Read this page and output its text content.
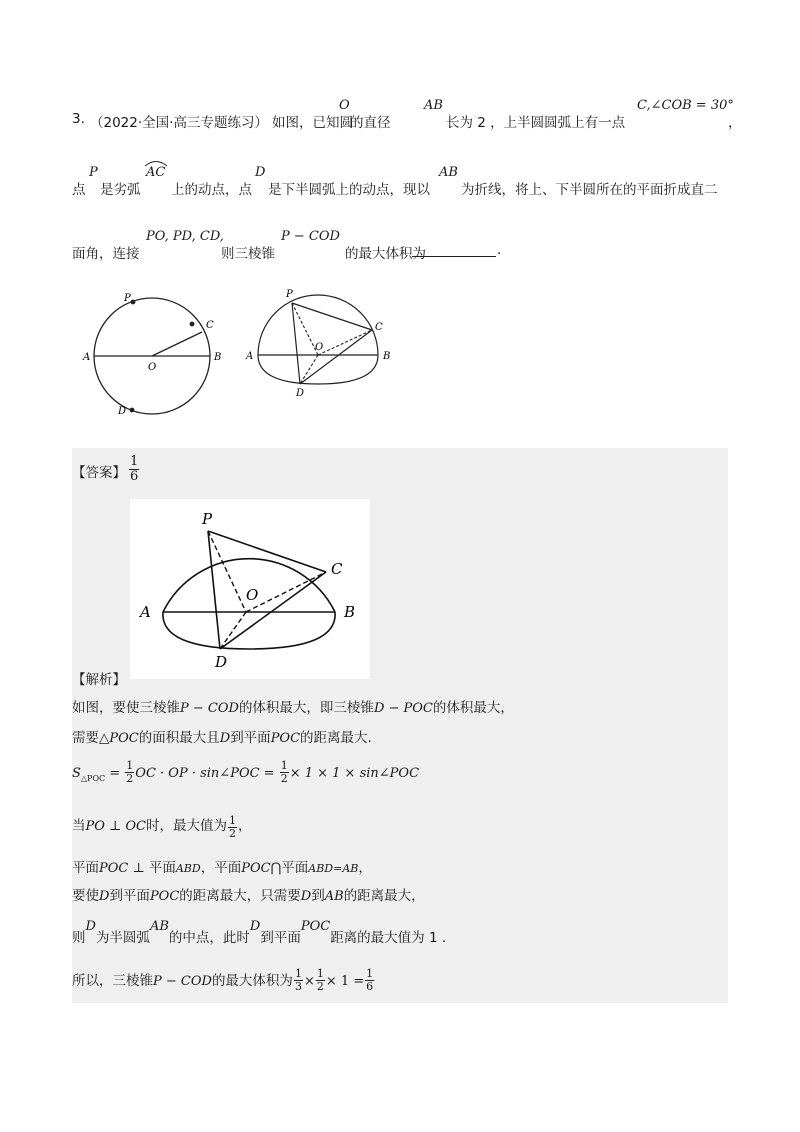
3. （2022·全国·高三专题练习） 如图，已知圆
O
的直径
AB
长为 2 ，上半圆圆弧上有一点
C,∠COB = 30°
，
点
P
是劣弧
AC
上的动点，点
D
是下半圆弧上的动点，现以
AB
为折线，将上、下半圆所在的平面折成直二
面角，连接
PO, PD, CD,
则三棱锥
P − COD
的最大体积为	.
P
C
A
O
B
D
P
C
A
O
B
D
【答案】 $\frac{1}{6}$
P
C
A
O
B
D
【解析】
如图，要使三棱锥P − COD的体积最大，即三棱锥D − POC的体积最大，
需要△POC的面积最大且D到平面POC的距离最大.
$S_{\triangle POC} = \frac{1}{2}$ OC · OP · sin∠POC = $\frac{1}{2} \times 1 \times 1$ × sin∠POC
当PO ⊥ OC时，最大值为 $\frac{1}{2}$ ，
平面POC ⊥ 平面ABD，平面POC⋂平面ABD=AB，
要使D到平面POC的距离最大，只需要D到AB的距离最大，
则$^D$为半圆弧$^{AB}$的中点，此时$^D$到平面$^{POC}$距离的最大值为 1 .
所以，三棱锥P − COD的最大体积为 $\frac{1}{3} \times \frac{1}{2} \times 1 = \frac{1}{6}$
